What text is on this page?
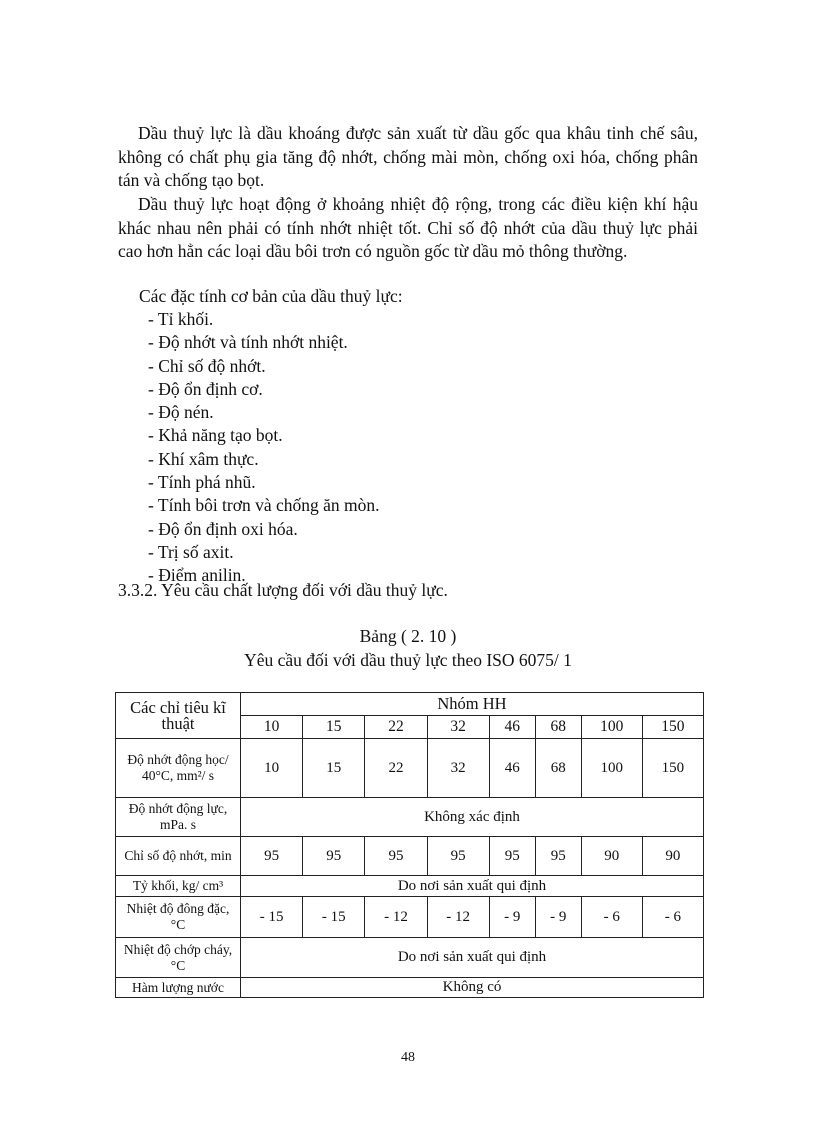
Dầu thuỷ lực là dầu khoáng được sản xuất từ dầu gốc qua khâu tinh chế sâu, không có chất phụ gia tăng độ nhớt, chống mài mòn, chống oxi hóa, chống phân tán và chống tạo bọt.

Dầu thuỷ lực hoạt động ở khoảng nhiệt độ rộng, trong các điều kiện khí hậu khác nhau nên phải có tính nhớt nhiệt tốt. Chỉ số độ nhớt của dầu thuỷ lực phải cao hơn hẳn các loại dầu bôi trơn có nguồn gốc từ dầu mỏ thông thường.

Các đặc tính cơ bản của dầu thuỷ lực:

- Tỉ khối.
- Độ nhớt và tính nhớt nhiệt.
- Chỉ số độ nhớt.
- Độ ổn định cơ.
- Độ nén.
- Khả năng tạo bọt.
- Khí xâm thực.
- Tính phá nhũ.
- Tính bôi trơn và chống ăn mòn.
- Độ ổn định oxi hóa.
- Trị số axit.
- Điểm anilin.

3.3.2. Yêu cầu chất lượng đối với dầu thuỷ lực.

Bảng ( 2. 10 )

Yêu cầu đối với dầu thuỷ lực theo ISO 6075/ 1

Các chỉ tiêu kĩ thuật	Nhóm HH							
	10	15	22	32	46	68	100	150
Độ nhớt động học/ 40°C, mm²/ s	10	15	22	32	46	68	100	150
Độ nhớt động lực, mPa. s	Không xác định							
Chỉ số độ nhớt, min	95	95	95	95	95	95	90	90
Tỷ khối, kg/ cm³	Do nơi sản xuất qui định							
Nhiệt độ đông đặc, °C	- 15	- 15	- 12	- 12	- 9	- 9	- 6	- 6
Nhiệt độ chớp cháy, °C	Do nơi sản xuất qui định							
Hàm lượng nước	Không có							

48
